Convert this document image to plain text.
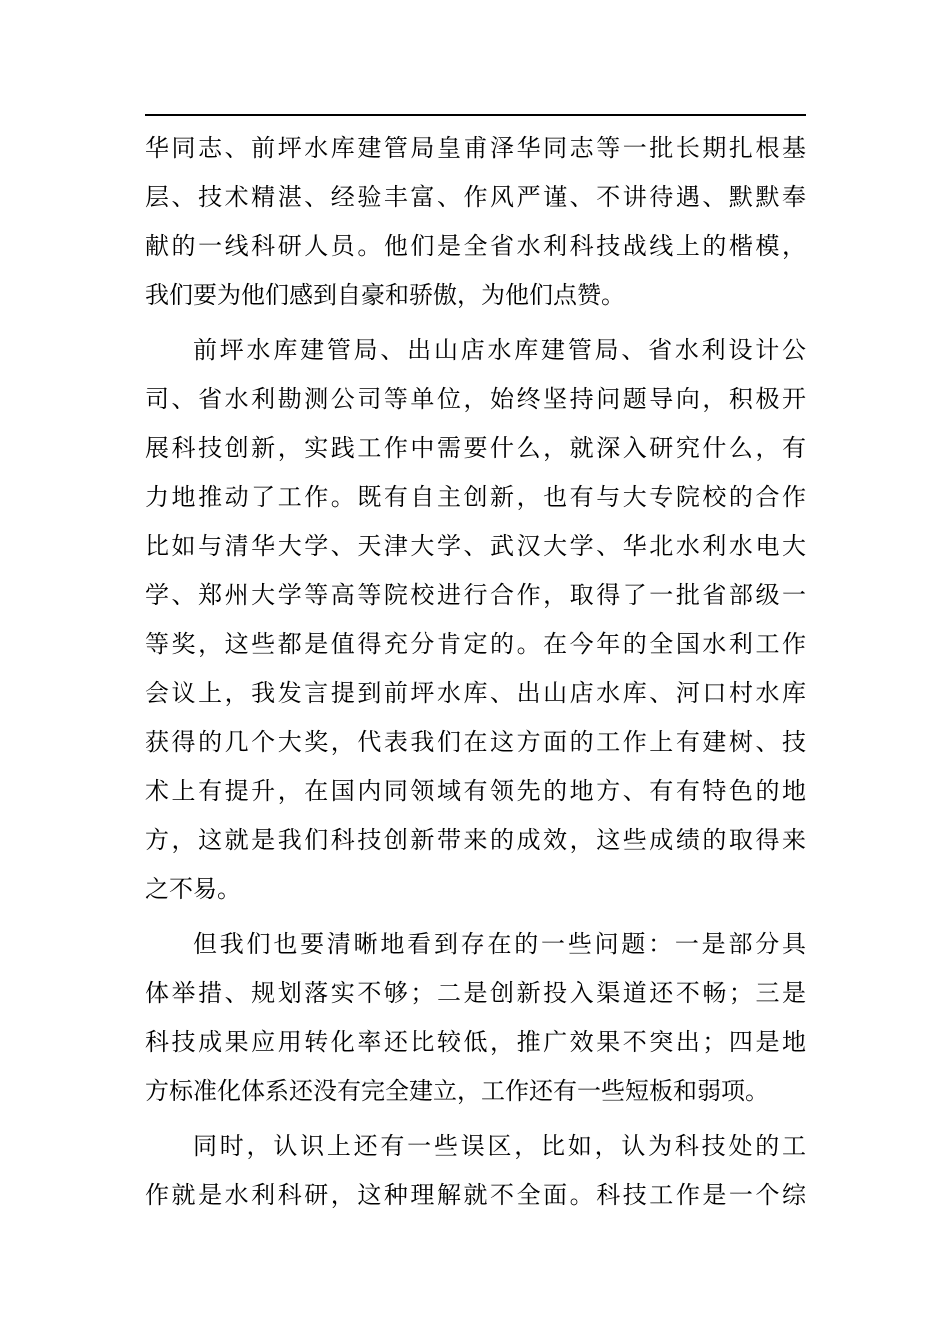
华同志、前坪水库建管局皇甫泽华同志等一批长期扎根基
层、技术精湛、经验丰富、作风严谨、不讲待遇、默默奉
献的一线科研人员。他们是全省水利科技战线上的楷模，
我们要为他们感到自豪和骄傲，为他们点赞。
前坪水库建管局、出山店水库建管局、省水利设计公
司、省水利勘测公司等单位，始终坚持问题导向，积极开
展科技创新，实践工作中需要什么，就深入研究什么，有
力地推动了工作。既有自主创新，也有与大专院校的合作
比如与清华大学、天津大学、武汉大学、华北水利水电大
学、郑州大学等高等院校进行合作，取得了一批省部级一
等奖，这些都是值得充分肯定的。在今年的全国水利工作
会议上，我发言提到前坪水库、出山店水库、河口村水库
获得的几个大奖，代表我们在这方面的工作上有建树、技
术上有提升，在国内同领域有领先的地方、有有特色的地
方，这就是我们科技创新带来的成效，这些成绩的取得来
之不易。
但我们也要清晰地看到存在的一些问题：一是部分具
体举措、规划落实不够；二是创新投入渠道还不畅；三是
科技成果应用转化率还比较低，推广效果不突出；四是地
方标准化体系还没有完全建立，工作还有一些短板和弱项。
同时，认识上还有一些误区，比如，认为科技处的工
作就是水利科研，这种理解就不全面。科技工作是一个综
